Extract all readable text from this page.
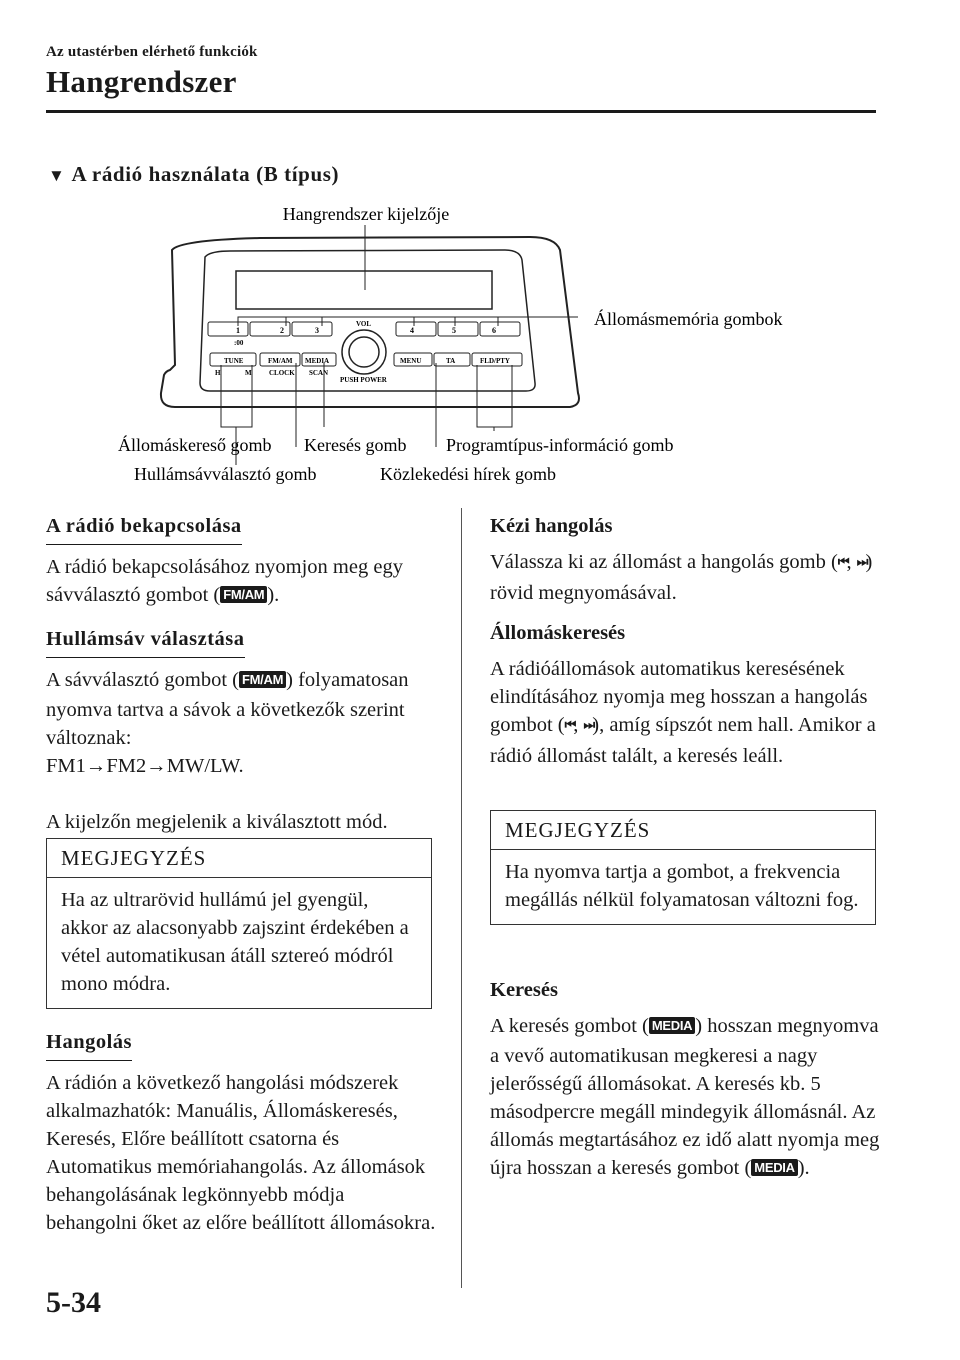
Az utastérben elérhető funkciók
Hangrendszer
▼ A rádió használata (B típus)
1	2	3	4	5	6
:00
VOL
PUSH POWER
TUNE	FM/AM MEDIA	MENU	TA	FLD/PTY
H	M CLOCK SCAN
Hangrendszer kijelzője
Állomásmemória gombok
Állomáskereső gomb Keresés gomb Programtípus-információ gomb
Hullámsávválasztó gomb	Közlekedési hírek gomb
A rádió bekapcsolása

A rádió bekapcsolásához nyomjon meg egy sávválasztó gombot ( FM/AM ).

Hullámsáv választása

A sávválasztó gombot ( FM/AM ) folyamatosan nyomva tartva a sávok a következők szerint változnak:

FM1→FM2→MW/LW.

A kijelzőn megjelenik a kiválasztott mód.

MEGJEGYZÉS
Ha az ultrarövid hullámú jel gyengül, akkor az alacsonyabb zajszint érdekében a vétel automatikusan átáll sztereó módról mono módra.
Hangolás

A rádión a következő hangolási módszerek alkalmazhatók: Manuális, Állomáskeresés, Keresés, Előre beállított csatorna és Automatikus memóriahangolás. Az állomások behangolásának legkönnyebb módja behangolni őket az előre beállított állomásokra.

Kézi hangolás

Válassza ki az állomást a hangolás gomb (⏮, ⏭) rövid megnyomásával.

Állomáskeresés

A rádióállomások automatikus keresésének elindításához nyomja meg hosszan a hangolás gombot (⏮, ⏭), amíg sípszót nem hall. Amikor a rádió állomást talált, a keresés leáll.

MEGJEGYZÉS
Ha nyomva tartja a gombot, a frekvencia megállás nélkül folyamatosan változni fog.
Keresés

A keresés gombot ( MEDIA ) hosszan megnyomva a vevő automatikusan megkeresi a nagy jelerősségű állomásokat. A keresés kb. 5 másodpercre megáll mindegyik állomásnál. Az állomás megtartásához ez idő alatt nyomja meg újra hosszan a keresés gombot ( MEDIA ).

5-34
